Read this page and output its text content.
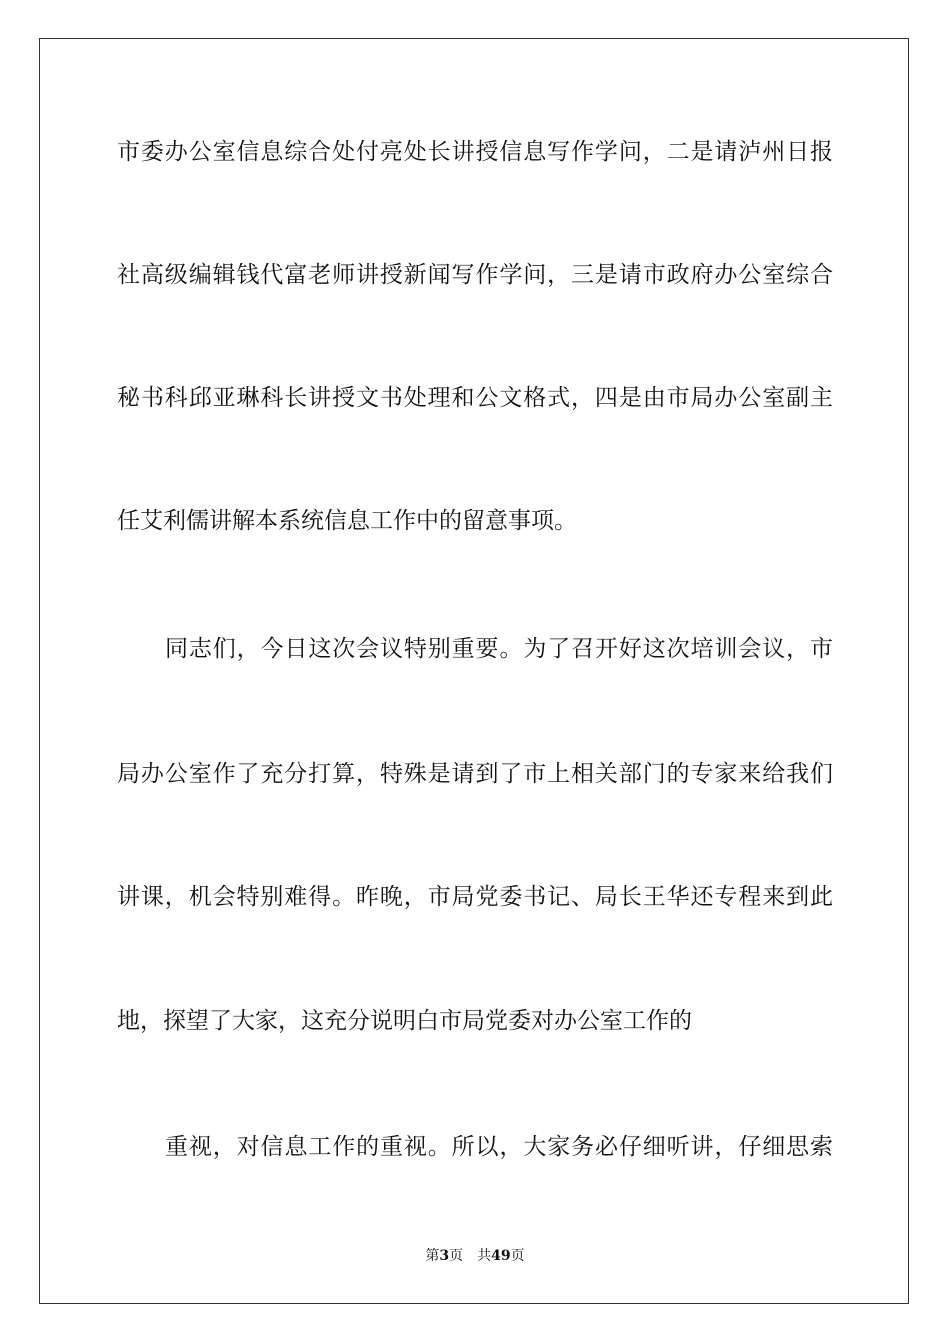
市委办公室信息综合处付亮处长讲授信息写作学问，二是请泸州日报
社高级编辑钱代富老师讲授新闻写作学问，三是请市政府办公室综合
秘书科邱亚琳科长讲授文书处理和公文格式，四是由市局办公室副主
任艾利儒讲解本系统信息工作中的留意事项。
同志们，今日这次会议特别重要。为了召开好这次培训会议，市
局办公室作了充分打算，特殊是请到了市上相关部门的专家来给我们
讲课，机会特别难得。昨晚，市局党委书记、局长王华还专程来到此
地，探望了大家，这充分说明白市局党委对办公室工作的
重视，对信息工作的重视。所以，大家务必仔细听讲，仔细思索
第3页 共49页
